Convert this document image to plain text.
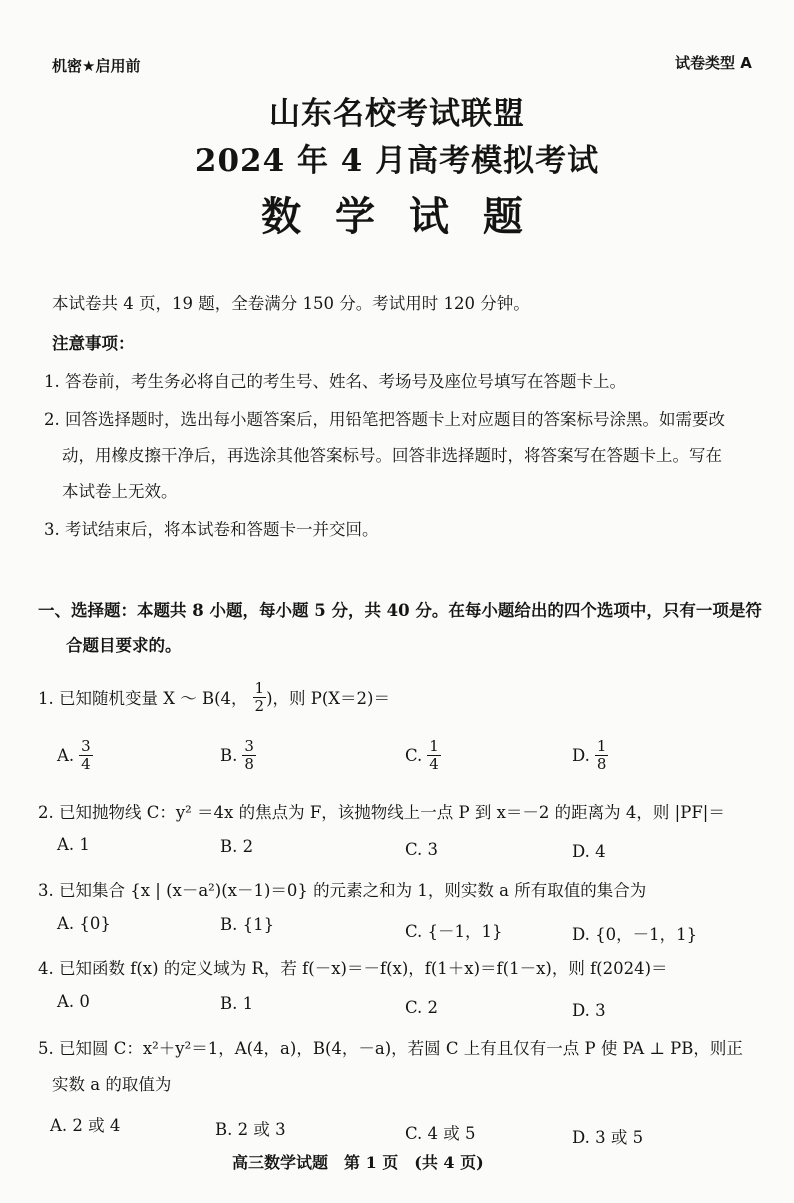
机密★启用前	试卷类型 A
山东名校考试联盟
2024 年 4 月高考模拟考试
数 学 试 题
本试卷共 4 页，19 题，全卷满分 150 分。考试用时 120 分钟。
注意事项：
1. 答卷前，考生务必将自己的考生号、姓名、考场号及座位号填写在答题卡上。
2. 回答选择题时，选出每小题答案后，用铅笔把答题卡上对应题目的答案标号涂黑。如需要改
动，用橡皮擦干净后，再选涂其他答案标号。回答非选择题时，将答案写在答题卡上。写在
本试卷上无效。
3. 考试结束后，将本试卷和答题卡一并交回。
一、选择题：本题共 8 小题，每小题 5 分，共 40 分。在每小题给出的四个选项中，只有一项是符
合题目要求的。
1. 已知随机变量 X ～ B(4， $\frac{1}{2}$ )，则 P(X＝2)＝
A. $\frac{3}{4}$	B. $\frac{3}{8}$	C. $\frac{1}{4}$	D. $\frac{1}{8}$
2. 已知抛物线 C：y² ＝4x 的焦点为 F，该抛物线上一点 P 到 x＝－2 的距离为 4，则 |PF|＝
A. 1	B. 2	C. 3	D. 4
3. 已知集合 {x | (x－a²)(x－1)＝0} 的元素之和为 1，则实数 a 所有取值的集合为
A. {0}	B. {1}	C. {－1，1}	D. {0，－1，1}
4. 已知函数 f(x) 的定义域为 R，若 f(－x)＝－f(x)，f(1＋x)＝f(1－x)，则 f(2024)＝
A. 0	B. 1	C. 2	D. 3
5. 已知圆 C：x²＋y²＝1，A(4，a)，B(4，－a)，若圆 C 上有且仅有一点 P 使 PA ⊥ PB，则正
实数 a 的取值为
A. 2 或 4	B. 2 或 3	C. 4 或 5	D. 3 或 5
高三数学试题　第 1 页　(共 4 页)
